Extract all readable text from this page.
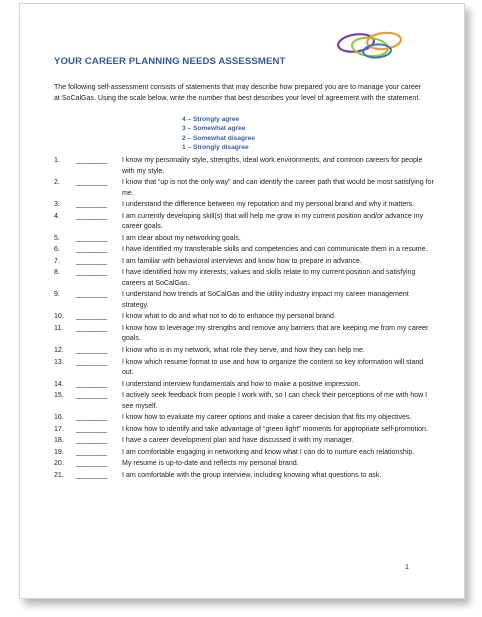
YOUR CAREER PLANNING NEEDS ASSESSMENT
The following self-assessment consists of statements that may describe how prepared you are to manage your career at SoCalGas. Using the scale below, write the number that best describes your level of agreement with the statement.
4 – Strongly agree
3 – Somewhat agree
2 – Somewhat disagree
1 – Strongly disagree
1. ________ I know my personality style, strengths, ideal work environments, and common careers for people with my style.
2. ________ I know that “up is not the only way” and can identify the career path that would be most satisfying for me.
3. ________ I understand the difference between my reputation and my personal brand and why it matters.
4. ________ I am currently developing skill(s) that will help me grow in my current position and/or advance my career goals.
5. ________ I am clear about my networking goals.
6. ________ I have identified my transferable skills and competencies and can communicate them in a resume.
7. ________ I am familiar with behavioral interviews and know how to prepare in advance.
8. ________ I have identified how my interests, values and skills relate to my current position and satisfying careers at SoCalGas.
9. ________ I understand how trends at SoCalGas and the utility industry impact my career management strategy.
10. ________ I know what to do and what not to do to enhance my personal brand.
11. ________ I know how to leverage my strengths and remove any barriers that are keeping me from my career goals.
12. ________ I know who is in my network, what role they serve, and how they can help me.
13. ________ I know which resume format to use and how to organize the content so key information will stand out.
14. ________ I understand interview fundamentals and how to make a positive impression.
15. ________ I actively seek feedback from people I work with, so I can check their perceptions of me with how I see myself.
16. ________ I know how to evaluate my career options and make a career decision that fits my objectives.
17. ________ I know how to identify and take advantage of “green light” moments for appropriate self-promotion.
18. ________ I have a career development plan and have discussed it with my manager.
19. ________ I am comfortable engaging in networking and know what I can do to nurture each relationship.
20. ________ My resume is up-to-date and reflects my personal brand.
21. ________ I am comfortable with the group interview, including knowing what questions to ask.
1
